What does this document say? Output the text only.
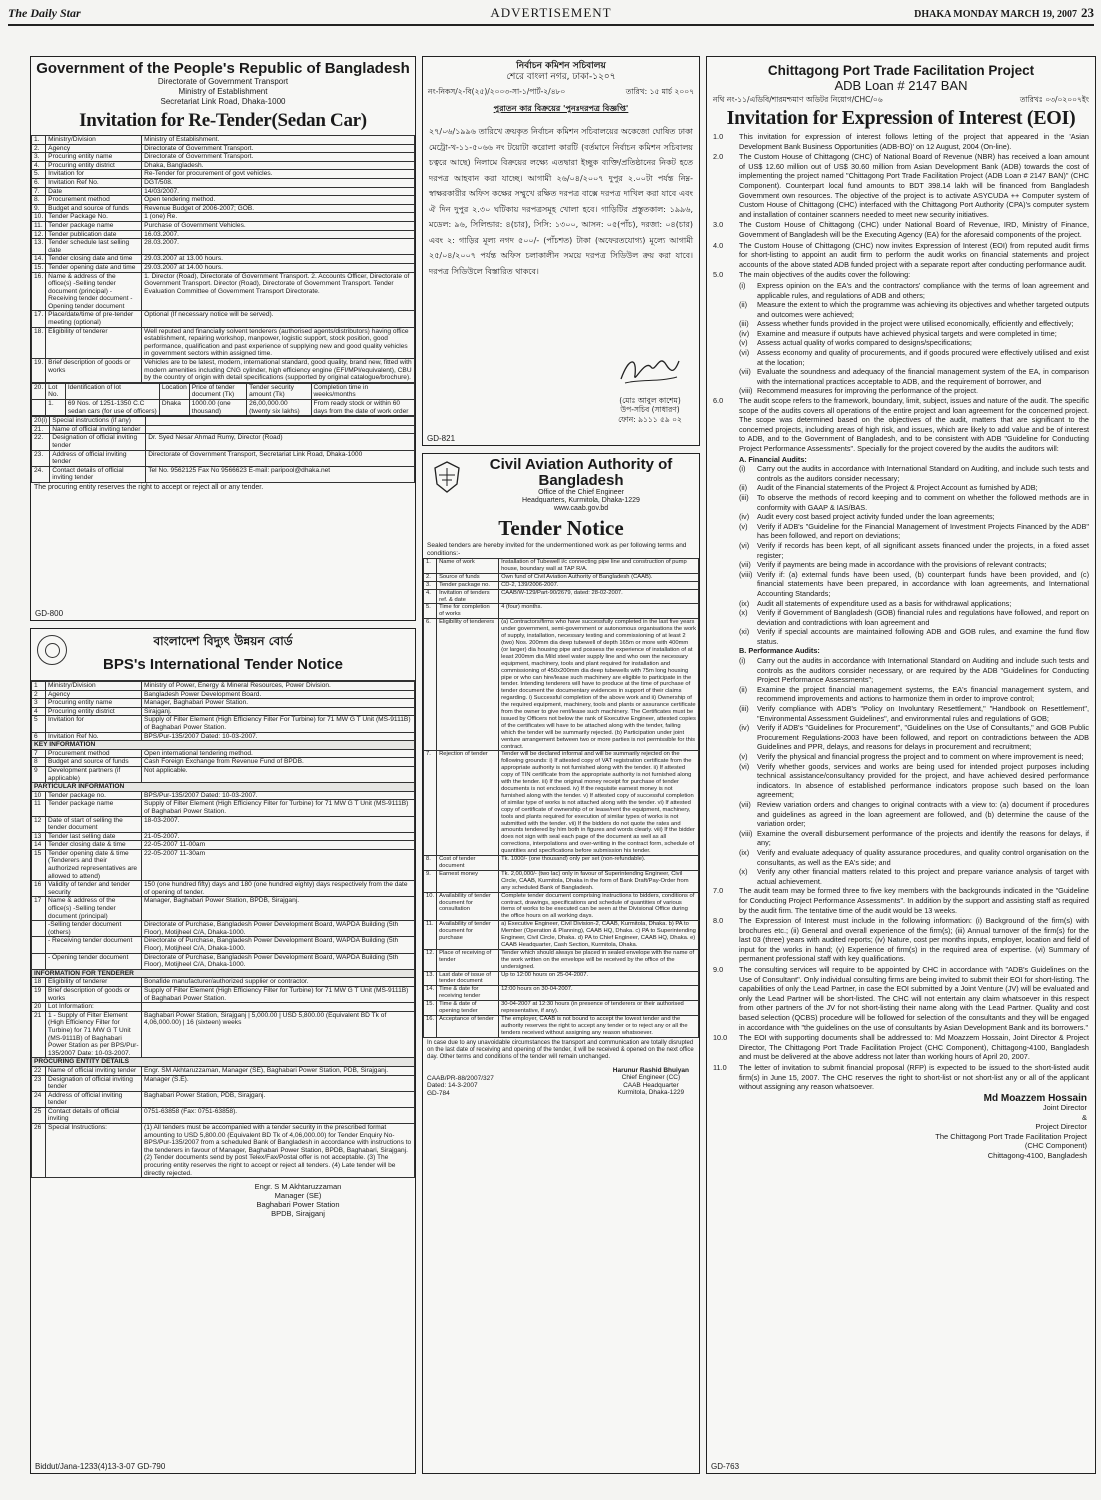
The Daily Star	ADVERTISEMENT	DHAKA MONDAY MARCH 19, 2007 23
Government of the People's Republic of Bangladesh
Directorate of Government Transport
Ministry of Establishment
Secretariat Link Road, Dhaka-1000
Invitation for Re-Tender(Sedan Car)
1.	Ministry/Division	Ministry of Establishment.
2.	Agency	Directorate of Government Transport.
3.	Procuring entity name	Directorate of Government Transport.
4.	Procuring entity district	Dhaka, Bangladesh.
5.	Invitation for	Re-Tender for procurement of govt vehicles.
6.	Invitation Ref No.	DGT/508.
7.	Date	14/03/2007.
8.	Procurement method	Open tendering method.
9.	Budget and source of funds	Revenue Budget of 2006-2007; GOB.
10.	Tender Package No.	1 (one) Re.
11.	Tender package name	Purchase of Government Vehicles.
12.	Tender publication date	16.03.2007.
13.	Tender schedule last selling date	28.03.2007.
14.	Tender closing date and time	29.03.2007 at 13.00 hours.
15.	Tender opening date and time	29.03.2007 at 14.00 hours.
16.	Name & address of the office(s) -Selling tender document (principal) - Receiving tender document - Opening tender document	1. Director (Road), Directorate of Government Transport. 2. Accounts Officer, Directorate of Government Transport. Director (Road), Directorate of Government Transport. Tender Evaluation Committee of Government Transport Directorate.
17.	Place/date/time of pre-tender meeting (optional)	Optional (If necessary notice will be served).
18.	Eligibility of tenderer	Well reputed and financially solvent tenderers (authorised agents/distributors) having office establishment, repairing workshop, manpower, logistic support, stock position, good performance, qualification and past experience of supplying new and good quality vehicles in government sectors within assigned time.
19.	Brief description of goods or works	Vehicles are to be latest, modern, international standard, good quality, brand new, fitted with modern amenities including CNG cylinder, high efficiency engine (EFI/MPI/equivalent), CBU by the country of origin with detail specifications (supported by original catalogue/brochure).
20.	Lot No.	Identification of lot	Location	Price of tender document (Tk)	Tender security amount (Tk)	Completion time in weeks/months
	1.	69 Nos. of 1251-1350 C.C sedan cars (for use of officers)	Dhaka	1000.00 (one thousand)	26,00,000.00 (twenty six lakhs)	From ready stock or within 60 days from the date of work order
20(i)	Special instructions (if any)	
21.	Name of official inviting tender	
22.	Designation of official inviting tender	Dr. Syed Nesar Ahmad Rumy, Director (Road)
23.	Address of official inviting tender	Directorate of Government Transport, Secretariat Link Road, Dhaka-1000
24.	Contact details of official inviting tender	Tel No. 9562125 Fax No 9566623 E-mail: paripool@dhaka.net
The procuring entity reserves the right to accept or reject all or any tender.
GD-800
বাংলাদেশ বিদ্যুৎ উন্নয়ন বোর্ড
BPS's International Tender Notice
1	Ministry/Division	Ministry of Power, Energy & Mineral Resources, Power Division.
2	Agency	Bangladesh Power Development Board.
3	Procuring entity name	Manager, Baghabari Power Station.
4	Procuring entity district	Sirajganj.
5	Invitation for	Supply of Filter Element (High Efficiency Filter For Turbine) for 71 MW G T Unit (MS-9111B) of Baghabari Power Station.
6	Invitation Ref No.	BPS/Pur-135/2007 Dated: 10-03-2007.
KEY INFORMATION		
7	Procurement method	Open international tendering method.
8	Budget and source of funds	Cash Foreign Exchange from Revenue Fund of BPDB.
9	Development partners (if applicable)	Not applicable.
PARTICULAR INFORMATION		
10	Tender package no.	BPS/Pur-135/2007 Dated: 10-03-2007.
11	Tender package name	Supply of Filter Element (High Efficiency Filter for Turbine) for 71 MW G T Unit (MS-9111B) of Baghabari Power Station.
12	Date of start of selling the tender document	18-03-2007.
13	Tender last selling date	21-05-2007.
14	Tender closing date & time	22-05-2007 11-00am
15	Tender opening date & time (Tenderers and their authorized representatives are allowed to attend)	22-05-2007 11-30am
16	Validity of tender and tender security	150 (one hundred fifty) days and 180 (one hundred eighty) days respectively from the date of opening of tender.
17	Name & address of the office(s) -Selling tender document (principal)	Manager, Baghabari Power Station, BPDB, Sirajganj.
	-Selling tender document (others)	Directorate of Purchase, Bangladesh Power Development Board, WAPDA Building (5th Floor), Motijheel C/A, Dhaka-1000.
	- Receiving tender document	Directorate of Purchase, Bangladesh Power Development Board, WAPDA Building (5th Floor), Motijheel C/A, Dhaka-1000.
	- Opening tender document	Directorate of Purchase, Bangladesh Power Development Board, WAPDA Building (5th Floor), Motijheel C/A, Dhaka-1000.
INFORMATION FOR TENDERER		
18	Eligibility of tenderer	Bonafide manufacturer/authorized supplier or contractor.
19	Brief description of goods or works	Supply of Filter Element (High Efficiency Filter for Turbine) for 71 MW G T Unit (MS-9111B) of Baghabari Power Station.
20	Lot Information:	
21	1 - Supply of Filter Element (High Efficiency Filter for Turbine) for 71 MW G T Unit (MS-9111B) of Baghabari Power Station as per BPS/Pur-135/2007 Date: 10-03-2007.	Baghabari Power Station, Sirajganj | 5,000.00 | USD 5,800.00 (Equivalent BD Tk of 4,06,000.00) | 16 (sixteen) weeks
PROCURING ENTITY DETAILS		
22	Name of official inviting tender	Engr. SM Akhtaruzzaman, Manager (SE), Baghabari Power Station, PDB, Sirajganj.
23	Designation of official inviting tender	Manager (S.E).
24	Address of official inviting tender	Baghabari Power Station, PDB, Sirajganj.
25	Contact details of official inviting	0751-63858 (Fax: 0751-63858).
26	Special Instructions:	(1) All tenders must be accompanied with a tender security in the prescribed format amounting to USD 5,800.00 (Equivalent BD Tk of 4,06,000.00) for Tender Enquiry No-BPS/Pur-135/2007 from a scheduled Bank of Bangladesh in accordance with instructions to the tenderers in favour of Manager, Baghabari Power Station, BPDB, Baghabari, Sirajganj. (2) Tender documents send by post Telex/Fax/Postal offer is not acceptable. (3) The procuring entity reserves the right to accept or reject all tenders. (4) Late tender will be directly rejected.
Engr. S M Akhtaruzzaman
Manager (SE)
Baghabari Power Station
BPDB, Sirajganj
Biddut/Jana-1233(4)13-3-07 GD-790
নির্বাচন কমিশন সচিবালয়
শেরে বাংলা নগর, ঢাকা-১২০৭
নং-নিকস/২-বি(২৫)/২০০৩-সা-১/পার্ট-২/৪৮০	তারিখ: ১৫ মার্চ ২০০৭
পুরাতন কার বিক্রয়ের 'পুনঃদরপত্র বিজ্ঞপ্তি'
২৭/০৬/১৯৯৬ তারিখে ক্রয়কৃত নির্বাচন কমিশন সচিবালয়ের অকেজো ঘোষিত ঢাকা মেট্রো-খ-১১-৫০৬৬ নং টয়োটা করোলা কারটি (বর্তমানে নির্বাচন কমিশন সচিবালয় চত্বরে আছে) নিলামে বিক্রয়ের লক্ষ্যে এতদ্বারা ইচ্ছুক ব্যক্তি/প্রতিষ্ঠানের নিকট হতে দরপত্র আহবান করা যাচ্ছে। আগামী ২৬/০৪/২০০৭ দুপুর ২.০০টা পর্যন্ত নিম্ন-স্বাক্ষরকারীর অফিস কক্ষের সম্মুখে রক্ষিত দরপত্র বাক্সে দরপত্র দাখিল করা যাবে এবং ঐ দিন দুপুর ২.৩০ ঘটিকায় দরপত্রসমূহ খোলা হবে। গাড়িটির প্রস্তুতকাল: ১৯৯৬, মডেল: ৯৬, সিলিন্ডার: ৪(চার), সিসি: ১৩০০, আসন: ০৫(পাঁচ), দরজা: ০৪(চার) এবং ২: গাড়ির মূল্য নগদ ৫০০/- (পাঁচশত) টাকা (অফেরতযোগ্য) মূল্যে আগামী ২৫/০৪/২০০৭ পর্যন্ত অফিস চলাকালীন সময়ে দরপত্র সিডিউল ক্রয় করা যাবে। দরপত্র সিডিউলে বিস্তারিত থাকবে।
(মোঃ আবুল কাশেম)
উপ-সচিব (সাধারণ)
ফোন: ৯১১১ ৫৯ ০২
GD-821
Civil Aviation Authority of Bangladesh
Office of the Chief Engineer
Headquarters, Kurmitola, Dhaka-1229
www.caab.gov.bd
Tender Notice
Sealed tenders are hereby invited for the undermentioned work as per following terms and conditions:-
1.	Name of work	Installation of Tubewell i/c connecting pipe line and construction of pump house, boundary wall at TAP R/A.
2.	Source of funds	Own fund of Civil Aviation Authority of Bangladesh (CAAB).
3.	Tender package no.	CD-2, 139/2006-2007.
4.	Invitation of tenders ref. & date	CAAB/W-129/Part-90/2679, dated: 28-02-2007.
5.	Time for completion of works	4 (four) months.
6.	Eligibility of tenderers	(a) Contractors/firms who have successfully completed in the last five years under government, semi-government or autonomous organisations the work of supply, installation, necessary testing and commissioning of at least 2 (two) Nos. 200mm dia deep tubewell of depth 165m or more with 400mm (or larger) dia housing pipe and possess the experience of installation of at least 200mm dia Mild steel water supply line and who own the necessary equipment, machinery, tools and plant required for installation and commissioning of 450x200mm dia deep tubewells with 75m long housing pipe or who can hire/lease such machinery are eligible to participate in the tender. Intending tenderers will have to produce at the time of purchase of tender document the documentary evidences in support of their claims regarding. i) Successful completion of the above work and ii) Ownership of the required equipment, machinery, tools and plants or assurance certificate from the owner to give rent/lease such machinery. The Certificates must be issued by Officers not below the rank of Executive Engineer, attested copies of the certificates will have to be attached along with the tender, failing which the tender will be summarily rejected. (b) Participation under joint venture arrangement between two or more parties is not permissible for this contract.
7.	Rejection of tender	Tender will be declared informal and will be summarily rejected on the following grounds: i) If attested copy of VAT registration certificate from the appropriate authority is not furnished along with the tender. ii) If attested copy of TIN certificate from the appropriate authority is not furnished along with the tender. iii) If the original money receipt for purchase of tender documents is not enclosed. iv) If the requisite earnest money is not furnished along with the tender. v) If attested copy of successful completion of similar type of works is not attached along with the tender. vi) If attested copy of certificate of ownership of or lease/rent the equipment, machinery, tools and plants required for execution of similar types of works is not submitted with the tender. vii) If the bidders do not quote the rates and amounts tendered by him both in figures and words clearly. viii) If the bidder does not sign with seal each page of the document as well as all corrections, interpolations and over-writing in the contract form, schedule of quantities and specifications before submission his tender.
8.	Cost of tender document	Tk. 1000/- (one thousand) only per set (non-refundable).
9.	Earnest money	Tk. 2,00,000/- (two lac) only in favour of Superintending Engineer, Civil Circle, CAAB, Kurmitola, Dhaka in the form of Bank Draft/Pay-Order from any scheduled Bank of Bangladesh.
10.	Availability of tender document for consultation	Complete tender document comprising instructions to bidders, conditions of contract, drawings, specifications and schedule of quantities of various items of works to be executed can be seen at the Divisional Office during the office hours on all working days.
11.	Availability of tender document for purchase	a) Executive Engineer, Civil Division-2, CAAB, Kurmitola, Dhaka. b) PA to Member (Operation & Planning), CAAB HQ, Dhaka. c) PA to Superintending Engineer, Civil Circle, Dhaka. d) PA to Chief Engineer, CAAB HQ, Dhaka. e) CAAB Headquarter, Cash Section, Kurmitola, Dhaka.
12.	Place of receiving of tender	Tender which should always be placed in sealed envelope with the name of the work written on the envelope will be received by the office of the undersigned.
13.	Last date of issue of tender document	Up to 12:00 hours on 25-04-2007.
14.	Time & date for receiving tender	12:00 hours on 30-04-2007.
15.	Time & date of opening tender	30-04-2007 at 12:30 hours (in presence of tenderers or their authorised representative, if any).
16.	Acceptance of tender	The employer, CAAB is not bound to accept the lowest tender and the authority reserves the right to accept any tender or to reject any or all the tenders received without assigning any reason whatsoever.
In case due to any unavoidable circumstances the transport and communication are totally disrupted on the last date of receiving and opening of the tender, it will be received & opened on the next office day. Other terms and conditions of the tender will remain unchanged.
CAAB/PR-88/2007/327
Dated: 14-3-2007
GD-784
Harunur Rashid Bhuiyan
Chief Engineer (CC)
CAAB Headquarter
Kurmitola, Dhaka-1229
Chittagong Port Trade Facilitation Project
ADB Loan # 2147 BAN
নথি নং-১১/এডিবি/শারমশ্চমাণ অডিটর নিয়োগ/CHC/০৬	তারিখঃ ০৩/০২০০৭ইং
Invitation for Expression of Interest (EOI)
1.0	This invitation for expression of interest follows letting of the project that appeared in the 'Asian Development Bank Business Opportunities (ADB-BO)' on 12 August, 2004 (On-line).
2.0	The Custom House of Chittagong (CHC) of National Board of Revenue (NBR) has received a loan amount of US$ 12.60 million out of US$ 30.60 million from Asian Development Bank (ADB) towards the cost of implementing the project named "Chittagong Port Trade Facilitation Project (ADB Loan # 2147 BAN)" (CHC Component). Counterpart local fund amounts to BDT 398.14 lakh will be financed from Bangladesh Government own resources. The objective of the project is to activate ASYCUDA ++ Computer system of Custom House of Chittagong (CHC) interfaced with the Chittagong Port Authority (CPA)'s computer system and installation of container scanners needed to meet new security initiatives.
3.0	The Custom House of Chittagong (CHC) under National Board of Revenue, IRD, Ministry of Finance, Government of Bangladesh will be the Executing Agency (EA) for the aforesaid components of the project.
4.0	The Custom House of Chittagong (CHC) now invites Expression of Interest (EOI) from reputed audit firms for short-listing to appoint an audit firm to perform the audit works on financial statements and project accounts of the above stated ADB funded project with a separate report after conducting performance audit.
5.0	The main objectives of the audits cover the following:
(i)	Express opinion on the EA's and the contractors' compliance with the terms of loan agreement and applicable rules, and regulations of ADB and others;
(ii)	Measure the extent to which the programme was achieving its objectives and whether targeted outputs and outcomes were achieved;
(iii)	Assess whether funds provided in the project were utilised economically, efficiently and effectively;
(iv)	Examine and measure if outputs have achieved physical targets and were completed in time;
(v)	Assess actual quality of works compared to designs/specifications;
(vi)	Assess economy and quality of procurements, and if goods procured were effectively utilised and exist at the location;
(vii) Evaluate the soundness and adequacy of the financial management system of the EA, in comparison with the international practices acceptable to ADB, and the requirement of borrower, and
(viii) Recommend measures for improving the performance of the project.
6.0	The audit scope refers to the framework, boundary, limit, subject, issues and nature of the audit. The specific scope of the audits covers all operations of the entire project and loan agreement for the concerned project. The scope was determined based on the objectives of the audit, matters that are significant to the concerned projects, including areas of high risk, and issues, which are likely to add value and be of interest to ADB, and to the Government of Bangladesh, and to be consistent with ADB "Guideline for Conducting Project Performance Assessments". Specially for the project covered by the audits the auditors will:
A. Financial Audits:
(i)	Carry out the audits in accordance with International Standard on Auditing, and include such tests and controls as the auditors consider necessary;
(ii)	Audit of the Financial statements of the Project & Project Account as furnished by ADB;
(iii)	To observe the methods of record keeping and to comment on whether the followed methods are in conformity with GAAP & IAS/BAS.
(iv)	Audit every cost based project activity funded under the loan agreements;
(v)	Verify if ADB's "Guideline for the Financial Management of Investment Projects Financed by the ADB" has been followed, and report on deviations;
(vi)	Verify if records has been kept, of all significant assets financed under the projects, in a fixed asset register;
(vii) Verify if payments are being made in accordance with the provisions of relevant contracts;
(viii) Verify if: (a) external funds have been used, (b) counterpart funds have been provided, and (c) financial statements have been prepared, in accordance with loan agreements, and International Accounting Standards;
(ix)	Audit all statements of expenditure used as a basis for withdrawal applications;
(x)	Verify if Government of Bangladesh (GOB) financial rules and regulations have followed, and report on deviation and contradictions with loan agreement and
(xi)	Verify if special accounts are maintained following ADB and GOB rules, and examine the fund flow status.
B. Performance Audits:
(i)	Carry out the audits in accordance with International Standard on Auditing and include such tests and controls as the auditors consider necessary, or are required by the ADB "Guidelines for Conducting Project Performance Assessments";
(ii)	Examine the project financial management systems, the EA's financial management system, and recommend improvements and actions to harmonize them in order to improve control;
(iii)	Verify compliance with ADB's "Policy on Involuntary Resettlement," "Handbook on Resettlement", "Environmental Assessment Guidelines", and environmental rules and regulations of GOB;
(iv)	Verify if ADB's "Guidelines for Procurement", "Guidelines on the Use of Consultants," and GOB Public Procurement Regulations-2003 have been followed, and report on contradictions between the ADB Guidelines and PPR, delays, and reasons for delays in procurement and recruitment;
(v)	Verify the physical and financial progress the project and to comment on where improvement is need;
(vi)	Verify whether goods, services and works are being used for intended project purposes including technical assistance/consultancy provided for the project, and have achieved desired performance indicators. In absence of established performance indicators propose such based on the loan agreement;
(vii) Review variation orders and changes to original contracts with a view to: (a) document if procedures and guidelines as agreed in the loan agreement are followed, and (b) determine the cause of the variation order;
(viii) Examine the overall disbursement performance of the projects and identify the reasons for delays, if any;
(ix)	Verify and evaluate adequacy of quality assurance procedures, and quality control organisation on the consultants, as well as the EA's side; and
(x)	Verify any other financial matters related to this project and prepare variance analysis of target with actual achievement.
7.0	The audit team may be formed three to five key members with the backgrounds indicated in the "Guideline for Conducting Project Performance Assessments". In addition by the support and assisting staff as required by the audit firm. The tentative time of the audit would be 13 weeks.
8.0	The Expression of Interest must include in the following information: (i) Background of the firm(s) with brochures etc.; (ii) General and overall experience of the firm(s); (iii) Annual turnover of the firm(s) for the last 03 (three) years with audited reports; (iv) Nature, cost per months inputs, employer, location and field of input for the works in hand; (v) Experience of firm(s) in the required area of expertise. (vi) Summary of permanent professional staff with key qualifications.
9.0	The consulting services will require to be appointed by CHC in accordance with "ADB's Guidelines on the Use of Consultant". Only individual consulting firms are being invited to submit their EOI for short-listing. The capabilities of only the Lead Partner, in case the EOI submitted by a Joint Venture (JV) will be evaluated and only the Lead Partner will be short-listed. The CHC will not entertain any claim whatsoever in this respect from other partners of the JV for not short-listing their name along with the Lead Partner. Quality and cost based selection (QCBS) procedure will be followed for selection of the consultants and they will be engaged in accordance with "the guidelines on the use of consultants by Asian Development Bank and its borrowers."
10.0	The EOI with supporting documents shall be addressed to: Md Moazzem Hossain, Joint Director & Project Director, The Chittagong Port Trade Facilitation Project (CHC Component), Chittagong-4100, Bangladesh and must be delivered at the above address not later than working hours of April 20, 2007.
11.0	The letter of invitation to submit financial proposal (RFP) is expected to be issued to the short-listed audit firm(s) in June 15, 2007. The CHC reserves the right to short-list or not short-list any or all of the applicant without assigning any reason whatsoever.
Md Moazzem Hossain
Joint Director
&
Project Director
The Chittagong Port Trade Facilitation Project
(CHC Component)
Chittagong-4100, Bangladesh
GD-763
